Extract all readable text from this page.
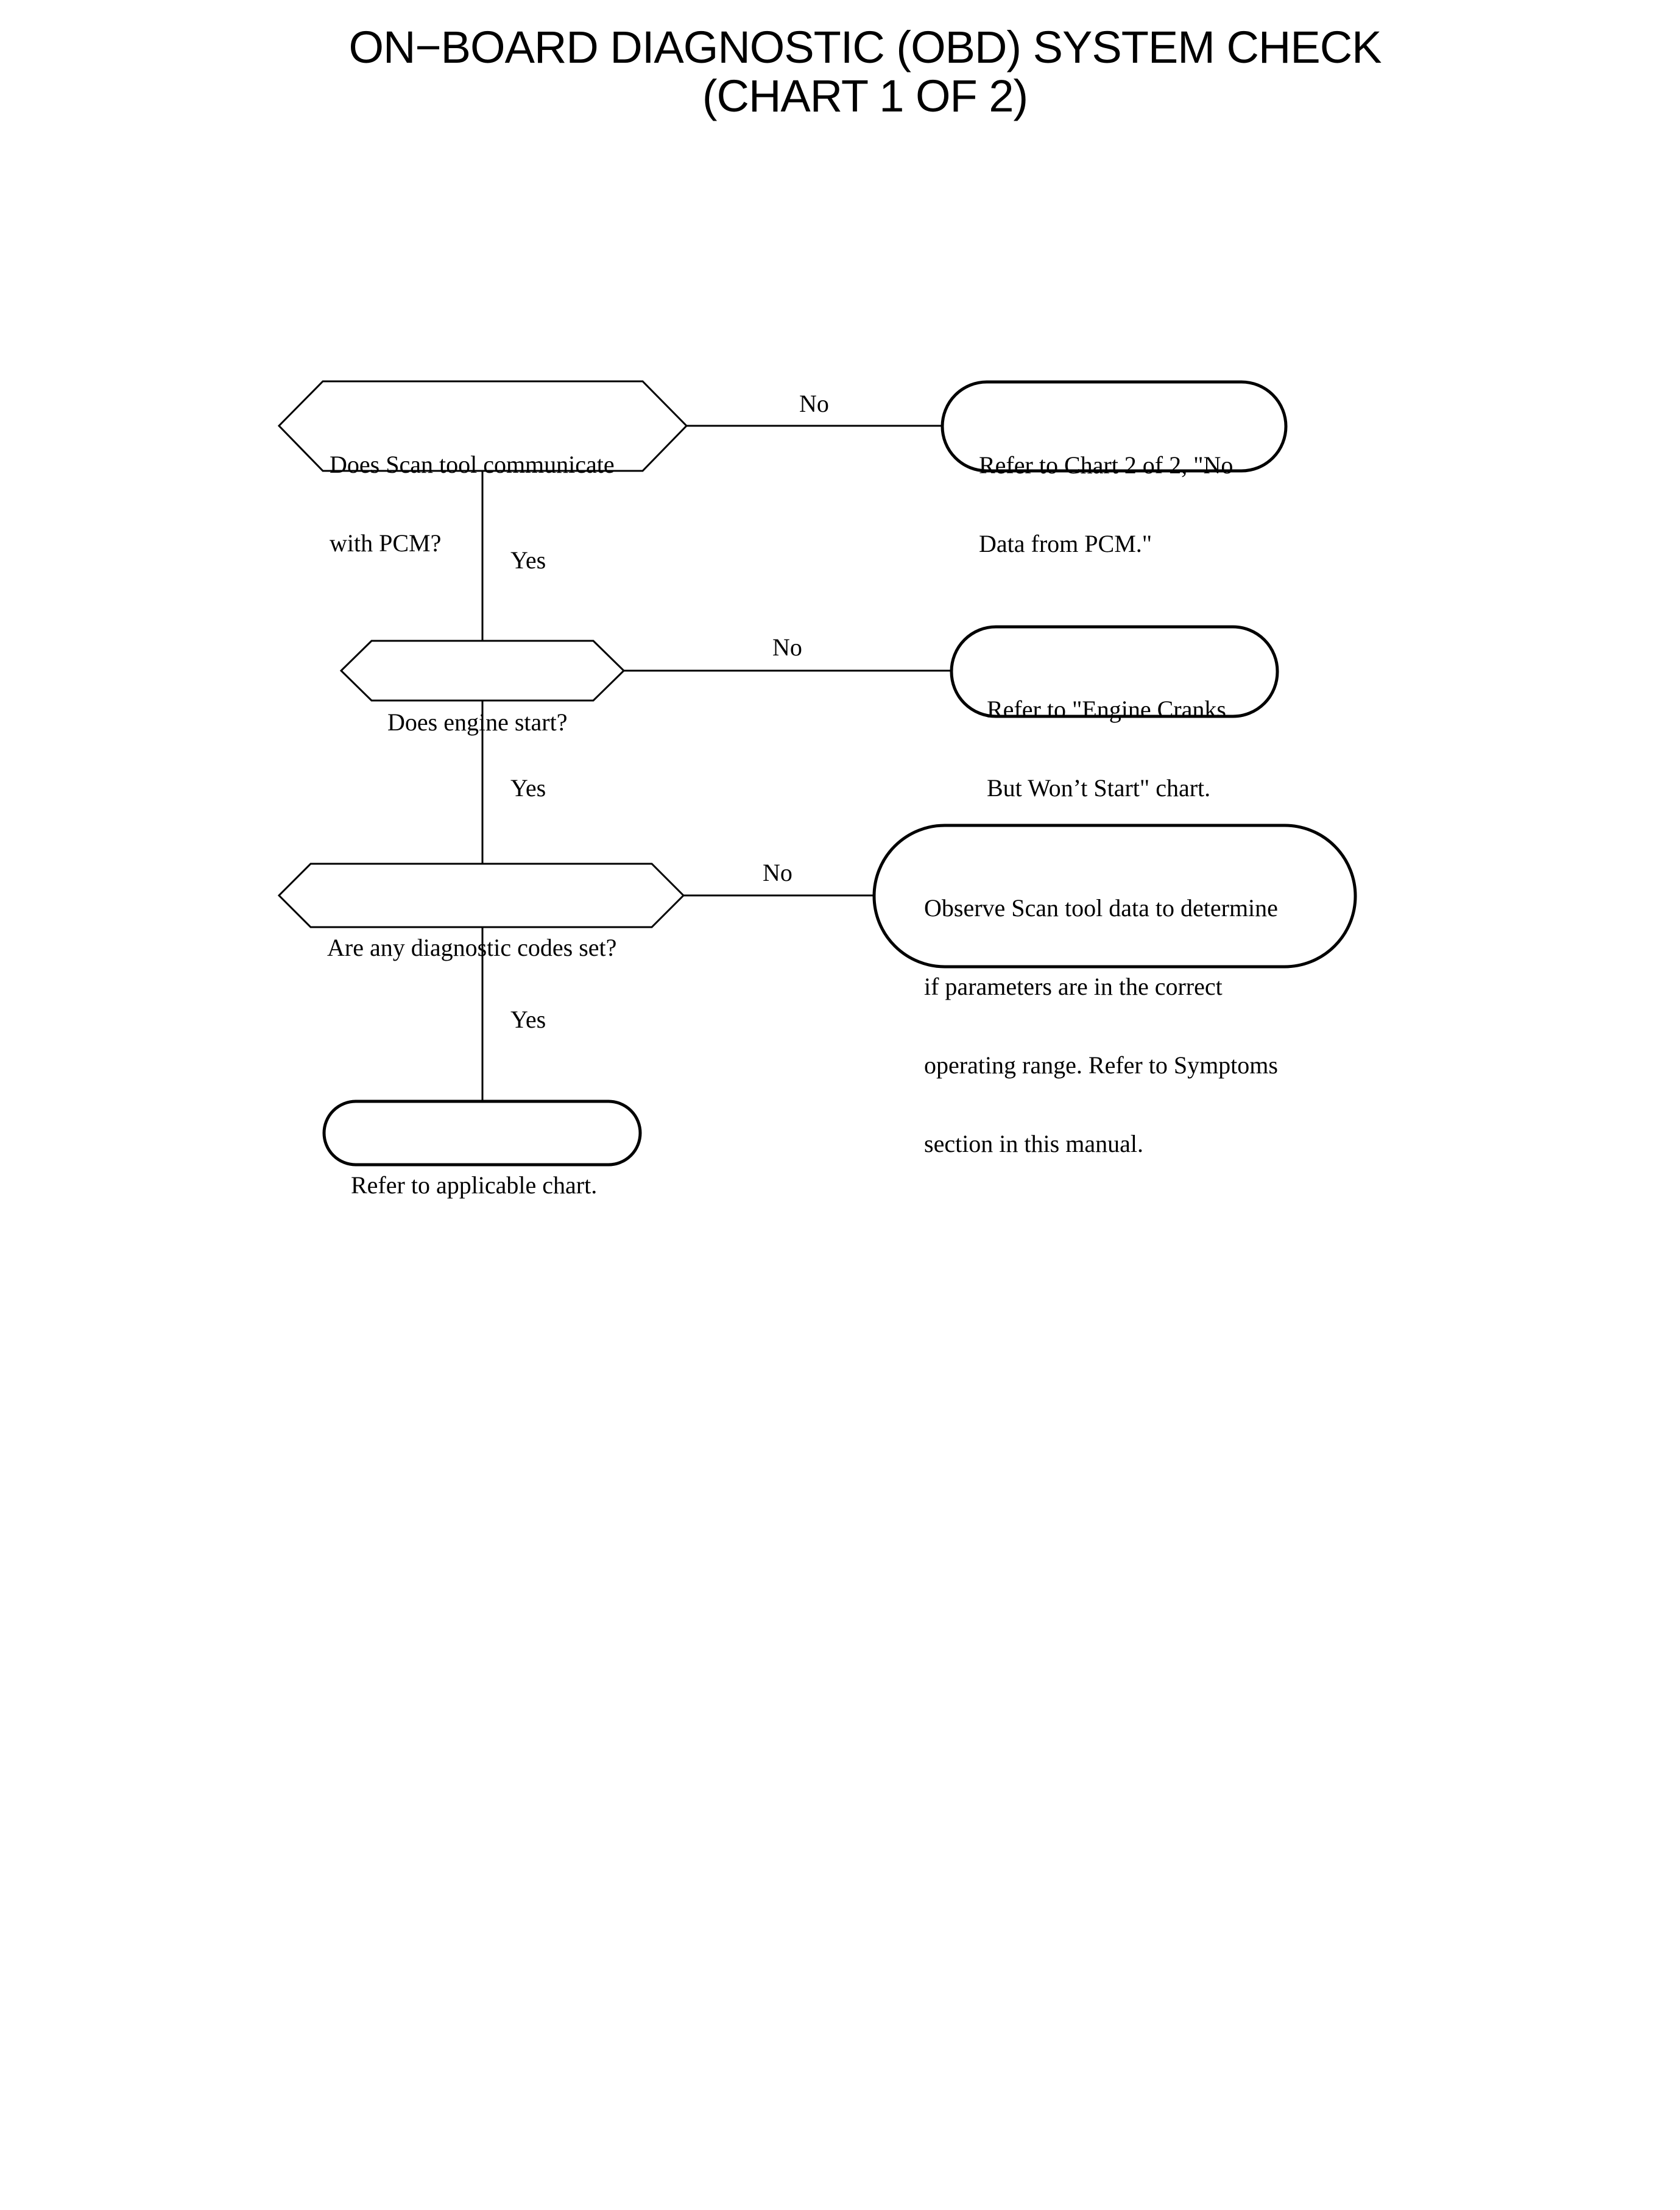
ON−BOARD DIAGNOSTIC (OBD) SYSTEM CHECK
(CHART 1 OF 2)

Does Scan tool communicate

with PCM?

Does engine start?

Are any diagnostic codes set?

Refer to Chart 2 of 2, "No

Data from PCM."

Refer to "Engine Cranks

But Won’t Start" chart.

Observe Scan tool data to determine

if parameters are in the correct

operating range. Refer to Symptoms

section in this manual.

Refer to applicable chart.

No
Yes
No
Yes
No
Yes
